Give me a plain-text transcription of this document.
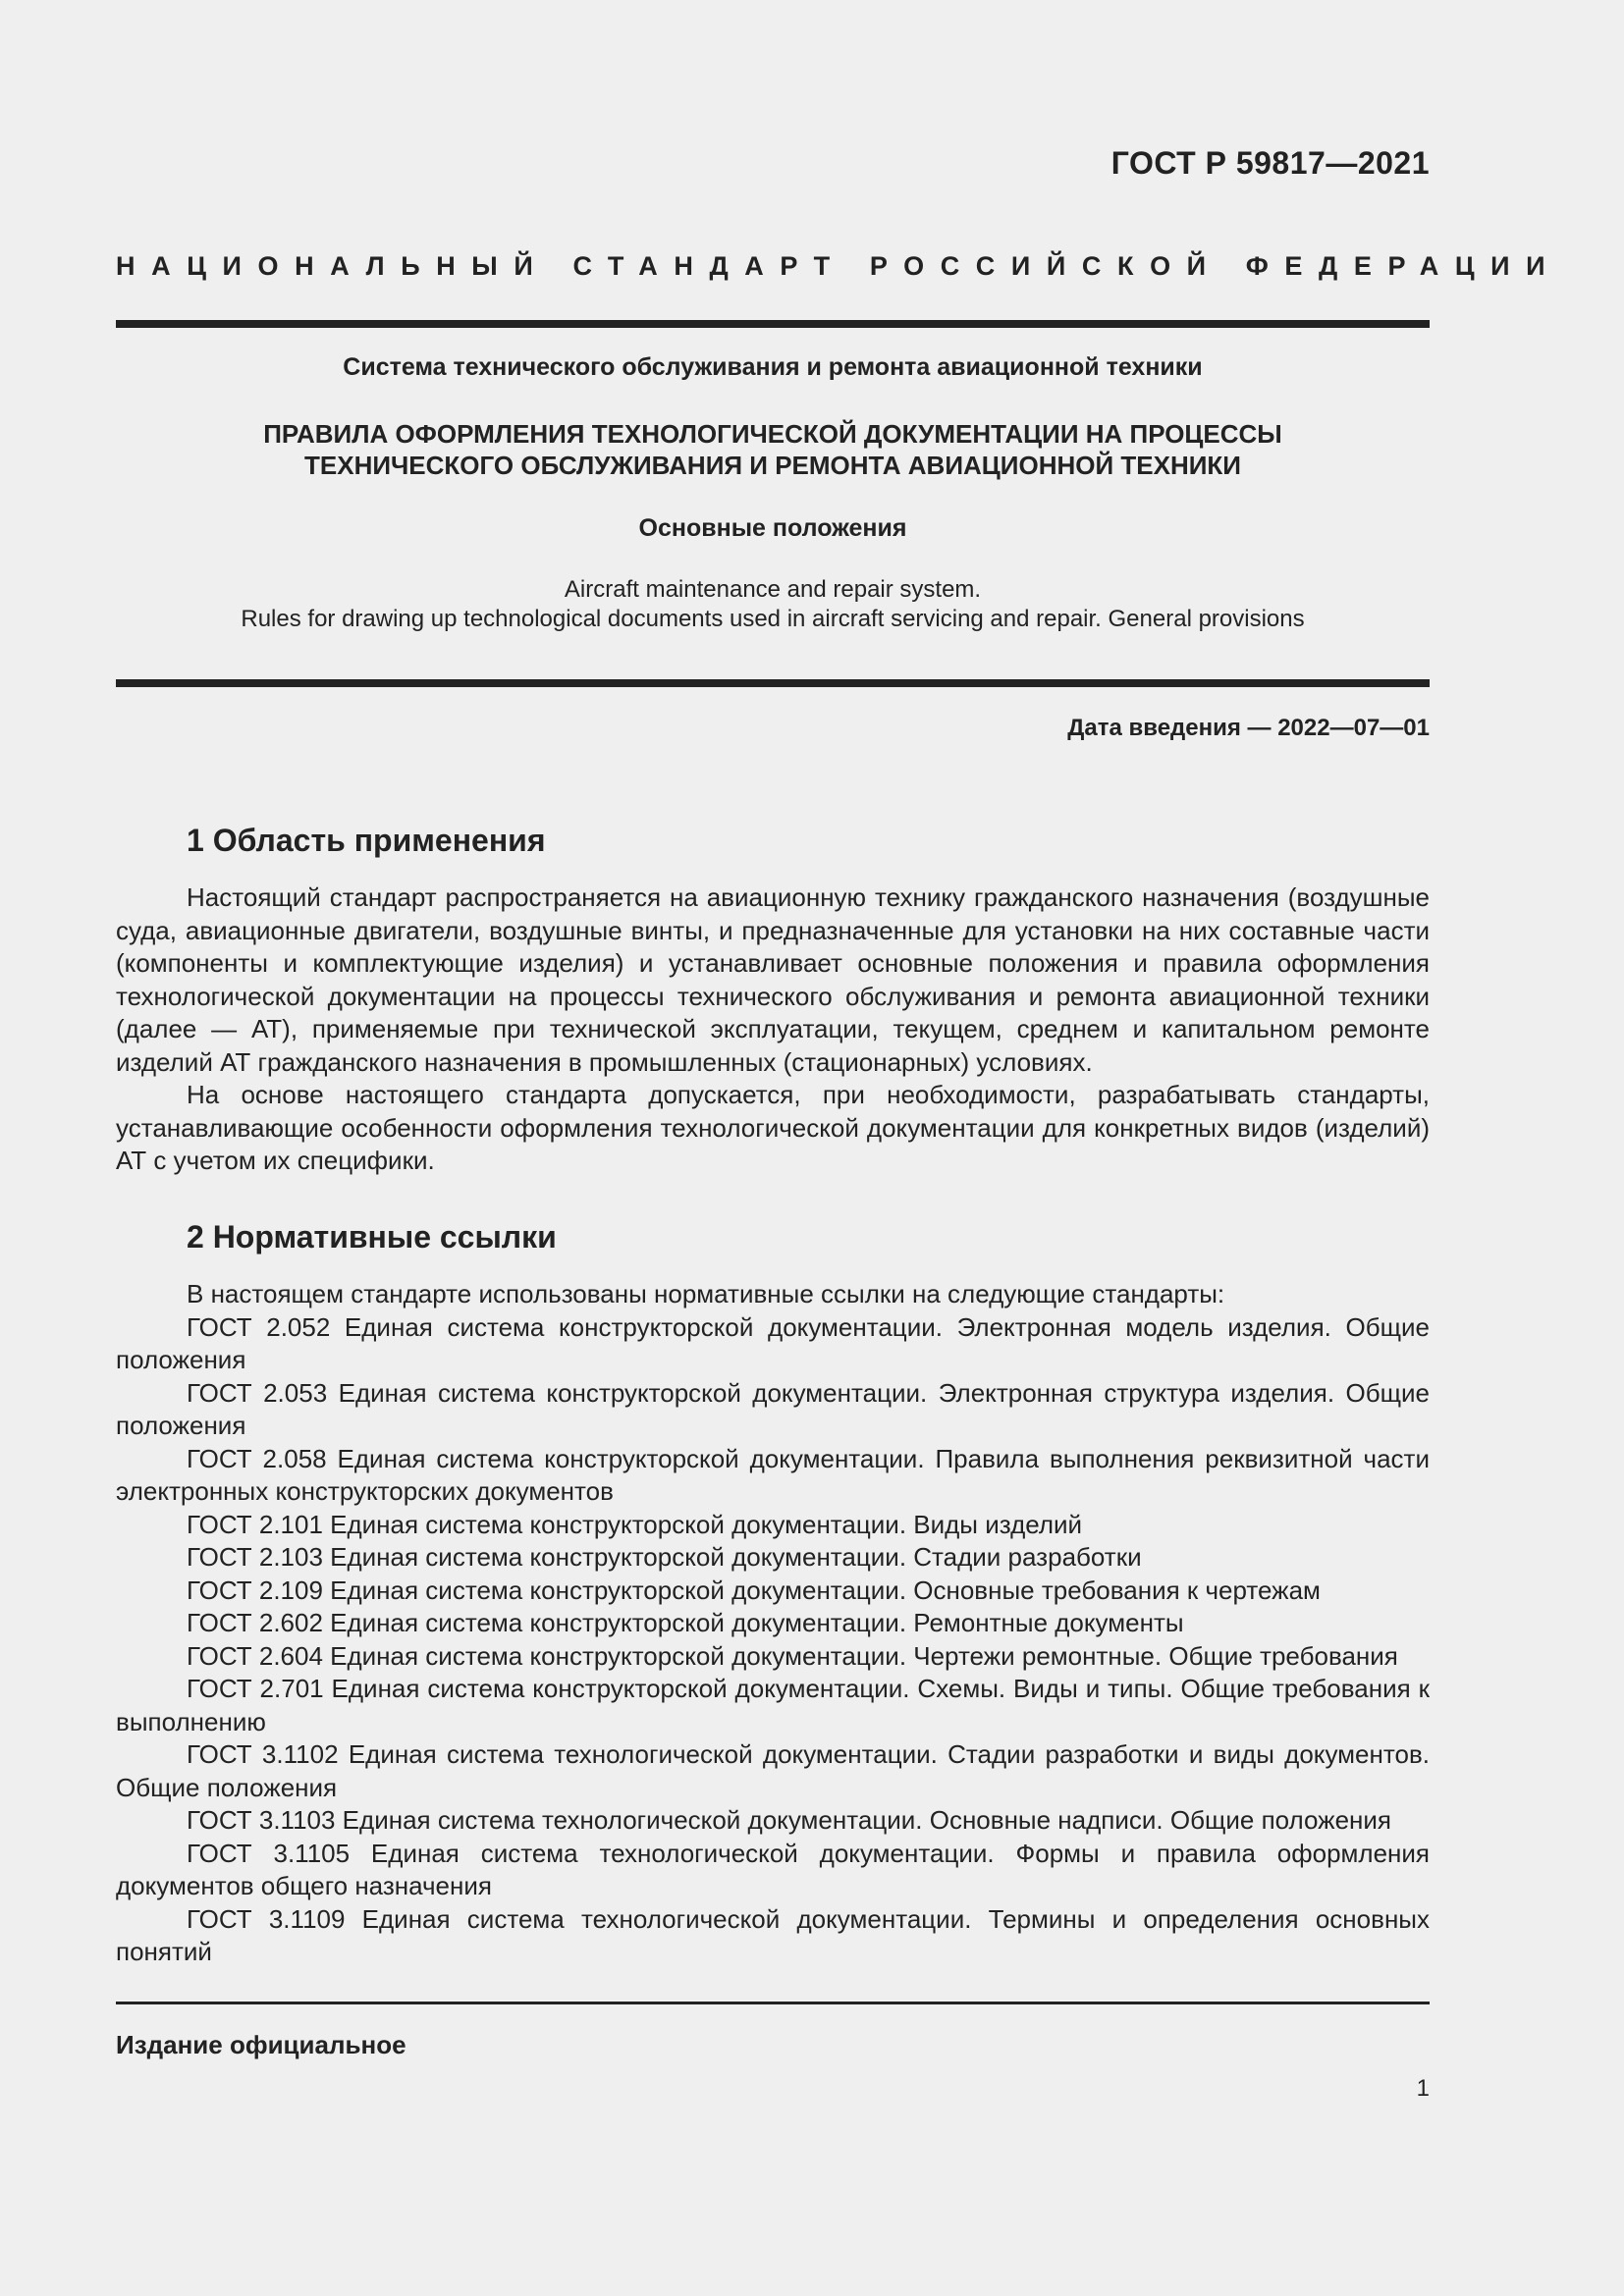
ГОСТ Р 59817—2021
НАЦИОНАЛЬНЫЙ СТАНДАРТ РОССИЙСКОЙ ФЕДЕРАЦИИ
Система технического обслуживания и ремонта авиационной техники
ПРАВИЛА ОФОРМЛЕНИЯ ТЕХНОЛОГИЧЕСКОЙ ДОКУМЕНТАЦИИ НА ПРОЦЕССЫ
ТЕХНИЧЕСКОГО ОБСЛУЖИВАНИЯ И РЕМОНТА АВИАЦИОННОЙ ТЕХНИКИ
Основные положения
Aircraft maintenance and repair system.
Rules for drawing up technological documents used in aircraft servicing and repair. General provisions
Дата введения — 2022—07—01
1 Область применения

Настоящий стандарт распространяется на авиационную технику гражданского назначения (воздушные суда, авиационные двигатели, воздушные винты, и предназначенные для установки на них составные части (компоненты и комплектующие изделия) и устанавливает основные положения и правила оформления технологической документации на процессы технического обслуживания и ремонта авиационной техники (далее — АТ), применяемые при технической эксплуатации, текущем, среднем и капитальном ремонте изделий АТ гражданского назначения в промышленных (стационарных) условиях.

На основе настоящего стандарта допускается, при необходимости, разрабатывать стандарты, устанавливающие особенности оформления технологической документации для конкретных видов (изделий) АТ с учетом их специфики.

2 Нормативные ссылки

В настоящем стандарте использованы нормативные ссылки на следующие стандарты:

ГОСТ 2.052 Единая система конструкторской документации. Электронная модель изделия. Общие положения

ГОСТ 2.053 Единая система конструкторской документации. Электронная структура изделия. Общие положения

ГОСТ 2.058 Единая система конструкторской документации. Правила выполнения реквизитной части электронных конструкторских документов

ГОСТ 2.101 Единая система конструкторской документации. Виды изделий

ГОСТ 2.103 Единая система конструкторской документации. Стадии разработки

ГОСТ 2.109 Единая система конструкторской документации. Основные требования к чертежам

ГОСТ 2.602 Единая система конструкторской документации. Ремонтные документы

ГОСТ 2.604 Единая система конструкторской документации. Чертежи ремонтные. Общие требования

ГОСТ 2.701 Единая система конструкторской документации. Схемы. Виды и типы. Общие требования к выполнению

ГОСТ 3.1102 Единая система технологической документации. Стадии разработки и виды документов. Общие положения

ГОСТ 3.1103 Единая система технологической документации. Основные надписи. Общие положения

ГОСТ 3.1105 Единая система технологической документации. Формы и правила оформления документов общего назначения

ГОСТ 3.1109 Единая система технологической документации. Термины и определения основных понятий

Издание официальное
1
